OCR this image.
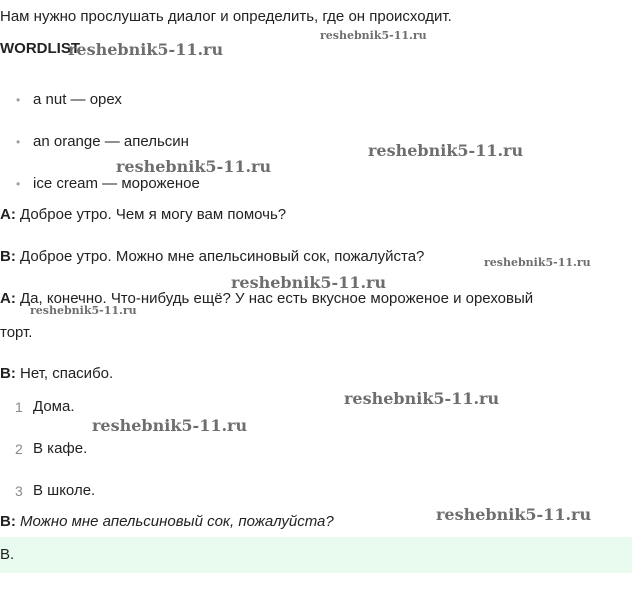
Нам нужно прослушать диалог и определить, где он происходит.
WORDLIST
• a nut — орех
• an orange — апельсин
• ice cream — мороженое
A: Доброе утро. Чем я могу вам помочь?
B: Доброе утро. Можно мне апельсиновый сок, пожалуйста?
A: Да, конечно. Что-нибудь ещё? У нас есть вкусное мороженое и ореховый
торт.
B: Нет, спасибо.
1 Дома.
2 В кафе.
3 В школе.
B: Можно мне апельсиновый сок, пожалуйста?
B.
reshebnik5-11.ru
reshebnik5-11.ru
reshebnik5-11.ru
reshebnik5-11.ru
reshebnik5-11.ru
reshebnik5-11.ru
reshebnik5-11.ru
reshebnik5-11.ru
reshebnik5-11.ru
reshebnik5-11.ru
